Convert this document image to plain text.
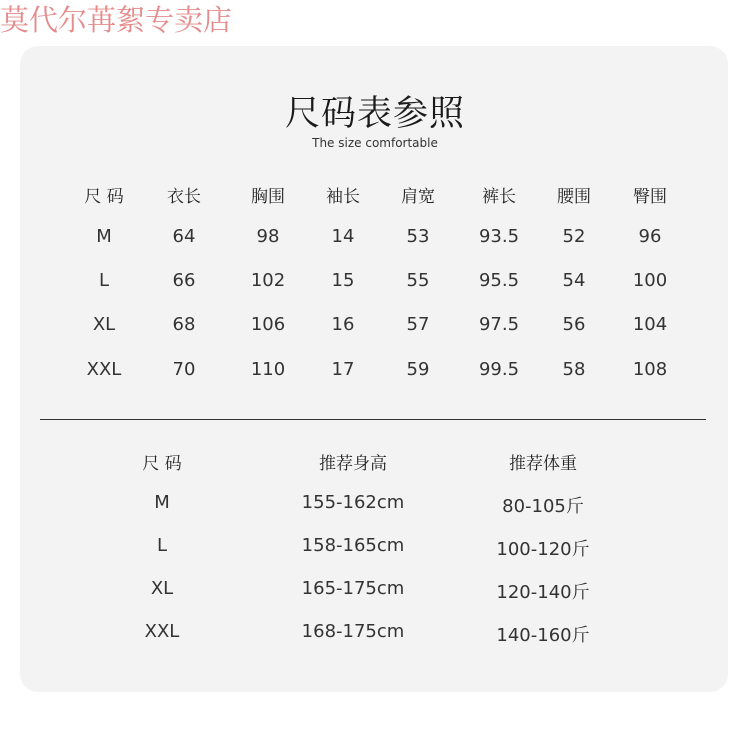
莫代尔苒絮专卖店
尺码表参照
The size comfortable
尺 码	衣长	胸围 袖长 肩宽	裤长 腰围 臀围
M	64	98	14	53	93.5 52	96
L	66	102	15	55	95.5 54	100
XL	68	106	16	57	97.5 56	104
XXL	70	110	17	59	99.5 58	108
尺 码	推荐身高	推荐体重
M	155-162cm	80-105斤
L	158-165cm	100-120斤
XL	165-175cm	120-140斤
XXL	168-175cm	140-160斤
